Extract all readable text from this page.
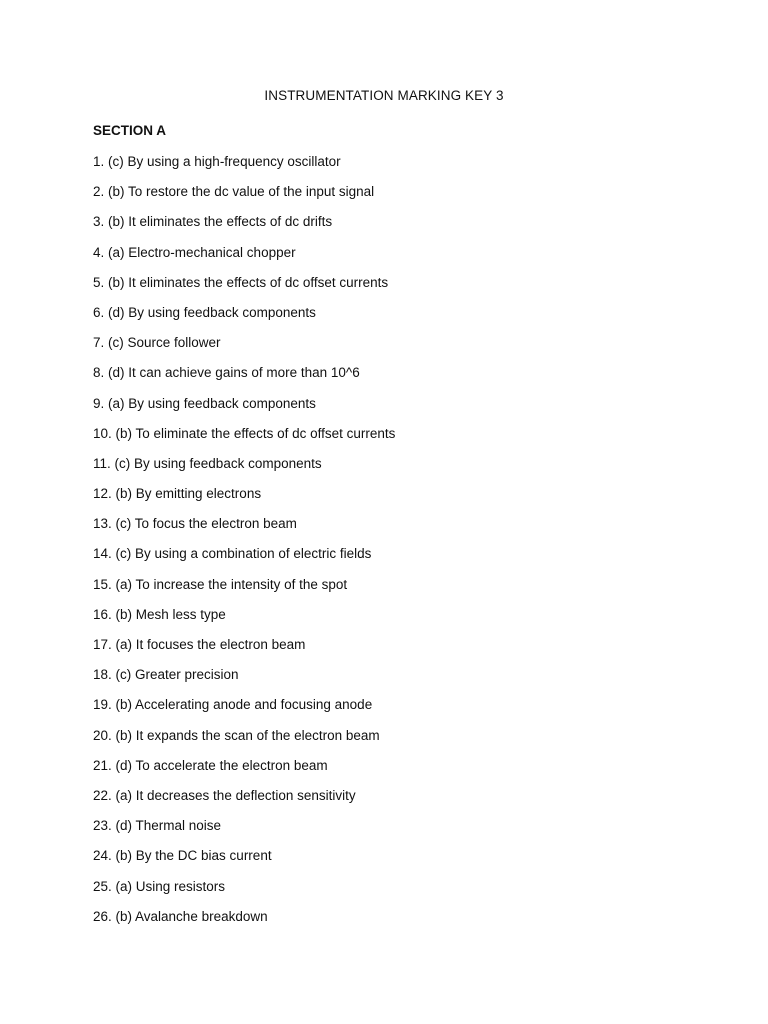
INSTRUMENTATION MARKING KEY 3
SECTION A
1. (c) By using a high-frequency oscillator
2. (b) To restore the dc value of the input signal
3. (b) It eliminates the effects of dc drifts
4. (a) Electro-mechanical chopper
5. (b) It eliminates the effects of dc offset currents
6. (d) By using feedback components
7. (c) Source follower
8. (d) It can achieve gains of more than 10^6
9. (a) By using feedback components
10. (b) To eliminate the effects of dc offset currents
11. (c) By using feedback components
12. (b) By emitting electrons
13. (c) To focus the electron beam
14. (c) By using a combination of electric fields
15. (a) To increase the intensity of the spot
16. (b) Mesh less type
17. (a) It focuses the electron beam
18. (c) Greater precision
19. (b) Accelerating anode and focusing anode
20. (b) It expands the scan of the electron beam
21. (d) To accelerate the electron beam
22. (a) It decreases the deflection sensitivity
23. (d) Thermal noise
24. (b) By the DC bias current
25. (a) Using resistors
26. (b) Avalanche breakdown
